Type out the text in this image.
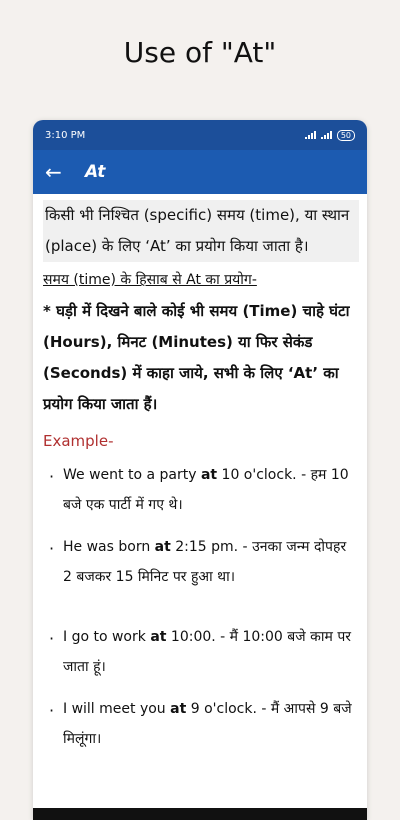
Use of "At"
3:10 PM	50
←	At

किसी भी निश्चित (specific) समय (time), या स्थान (place) के लिए ‘At’ का प्रयोग किया जाता है।

समय (time) के हिसाब से At का प्रयोग-

* घड़ी में दिखने बाले कोई भी समय (Time) चाहे घंटा (Hours), मिनट (Minutes) या फिर सेकंड (Seconds) में काहा जाये, सभी के लिए ‘At’ का प्रयोग किया जाता हैं।

Example-

· We went to a party at 10 o'clock. - हम 10 बजे एक पार्टी में गए थे।
· He was born at 2:15 pm. - उनका जन्म दोपहर 2 बजकर 15 मिनिट पर हुआ था।
· I go to work at 10:00. - मैं 10:00 बजे काम पर जाता हूं।
· I will meet you at 9 o'clock. - मैं आपसे 9 बजे मिलूंगा।
